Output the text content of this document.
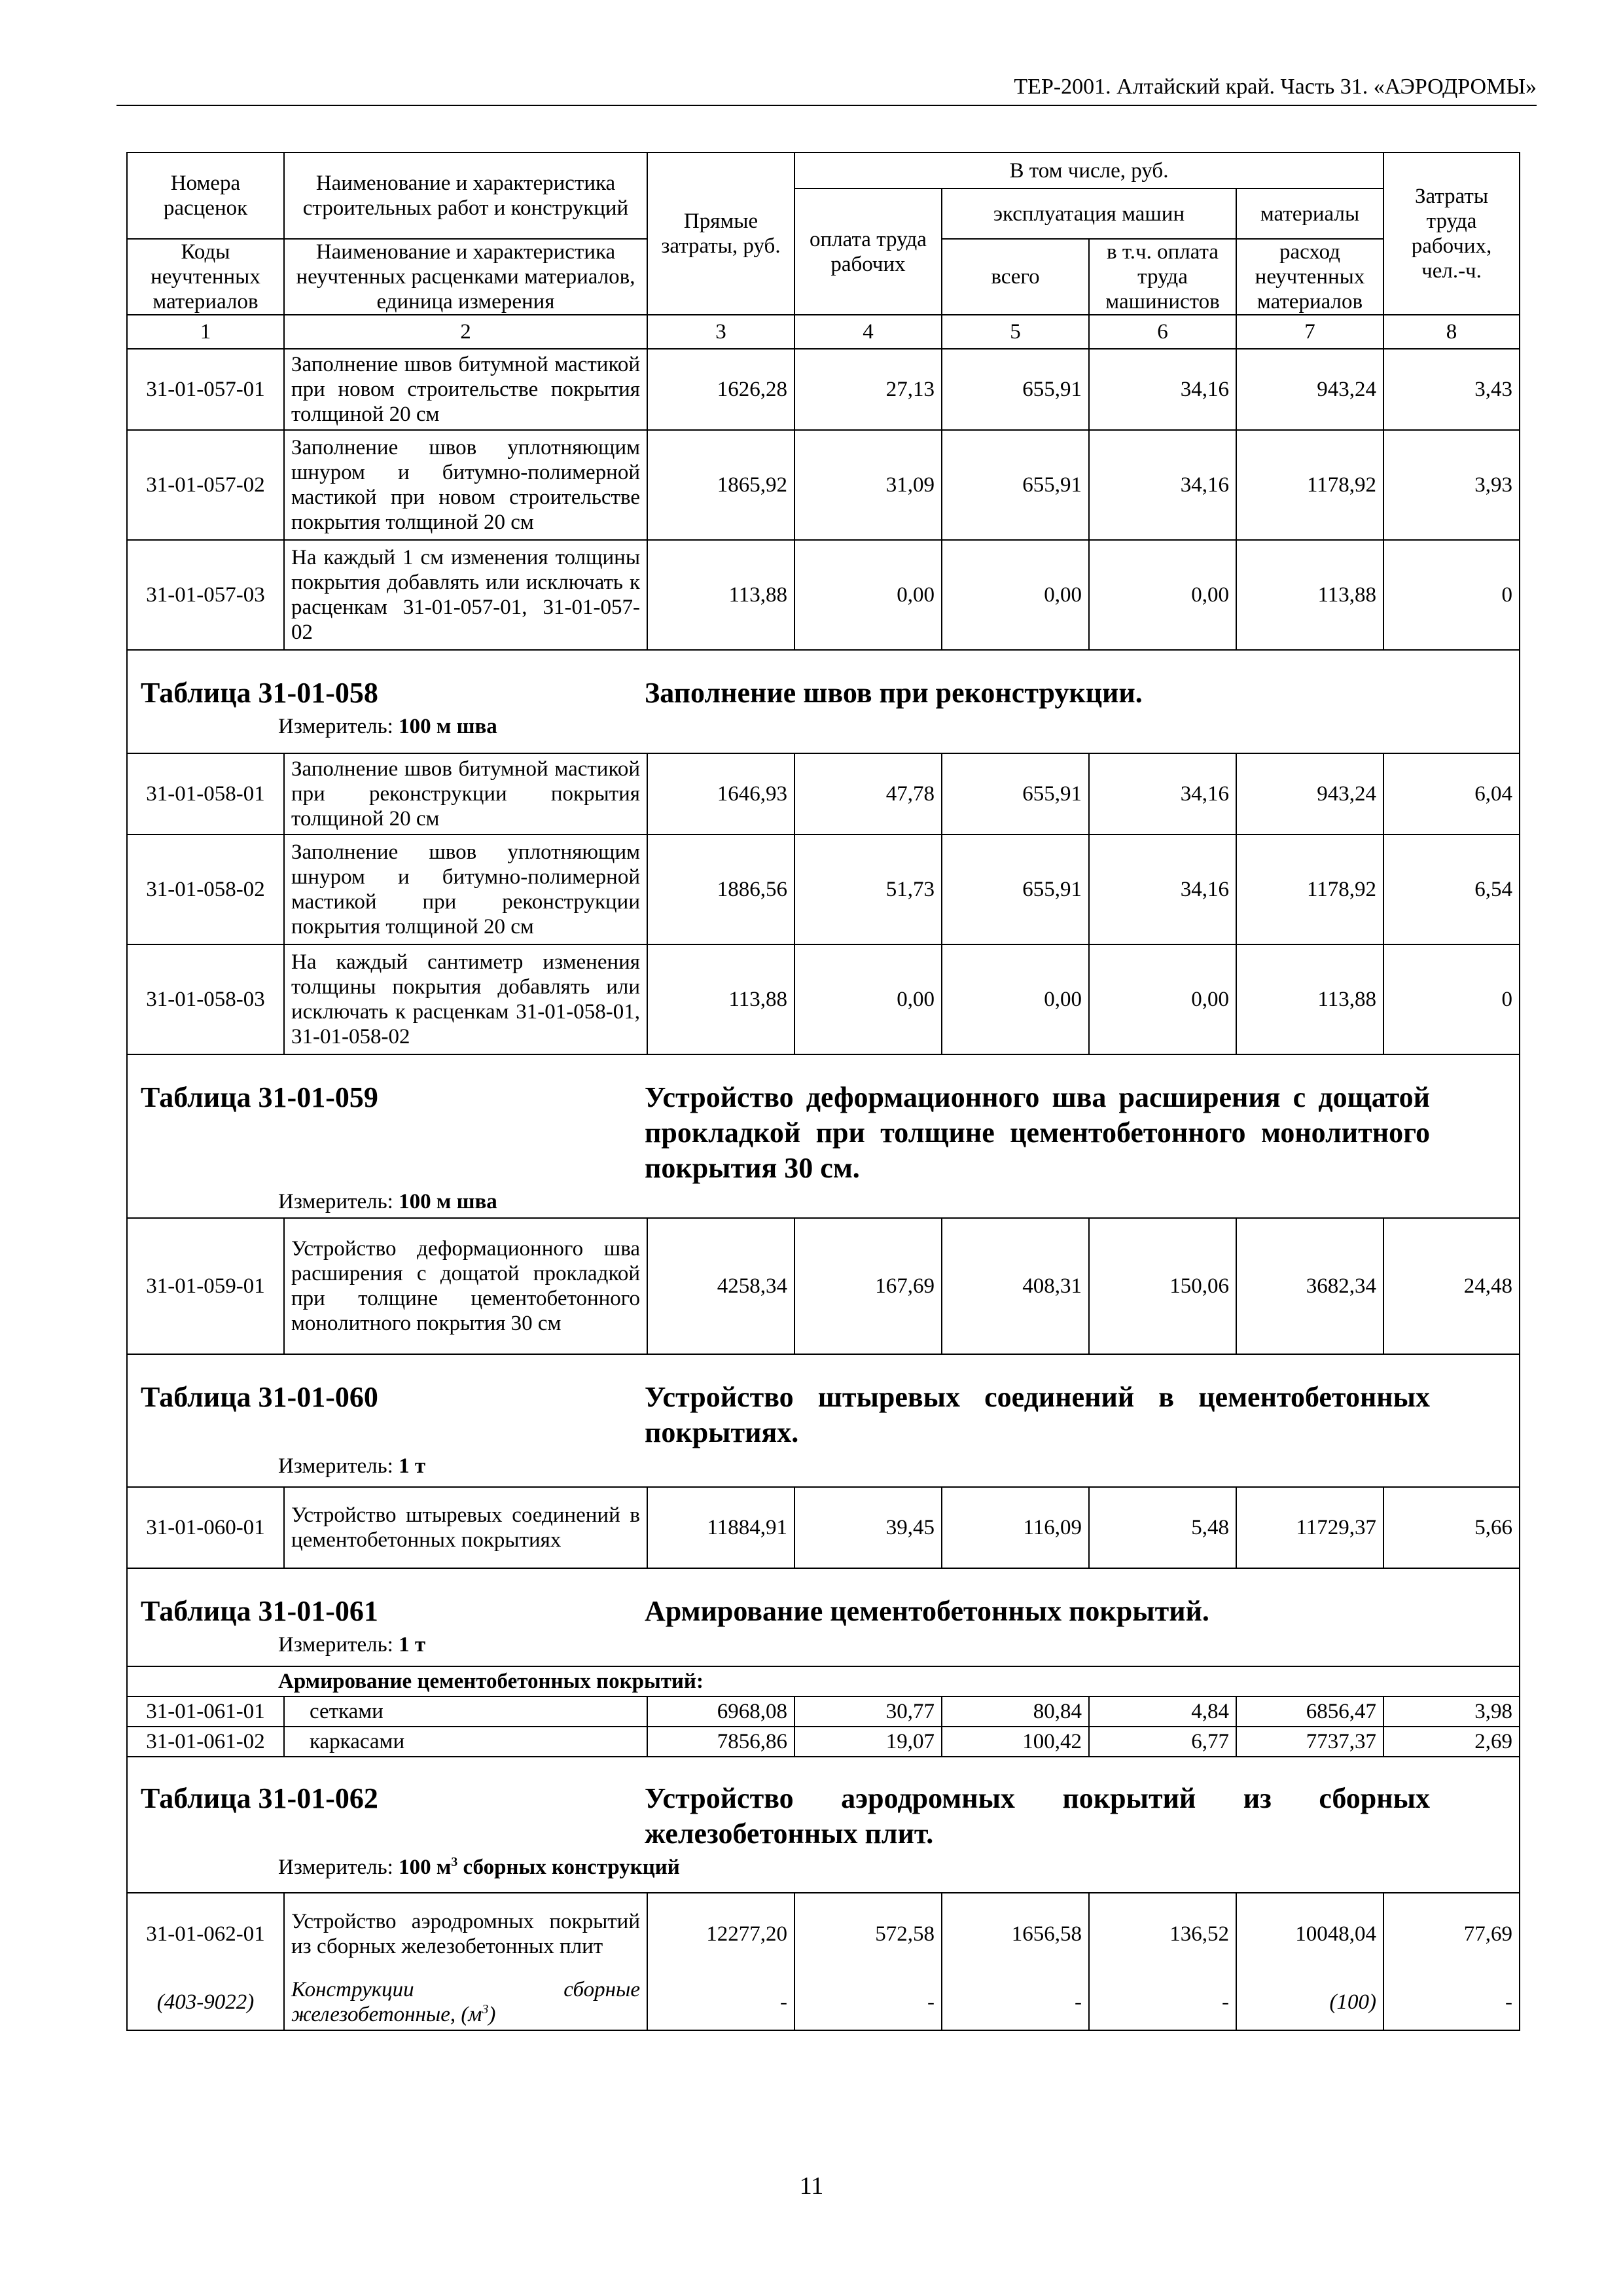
ТЕР-2001. Алтайский край. Часть 31. «АЭРОДРОМЫ»
Номера расценок	Наименование и характеристика строительных работ и конструкций	Прямые затраты, руб.	В том числе, руб.				Затраты труда рабочих, чел.-ч.
			оплата труда рабочих	эксплуатация машин		материалы	
Коды неучтенных материалов	Наименование и характеристика неучтенных расценками материалов, единица измерения			всего	в т.ч. оплата труда машинистов	расход неучтенных материалов	
1	2	3	4	5	6	7	8
31-01-057-01	Заполнение швов битумной мастикой при новом строительстве покрытия толщиной 20 см	1626,28	27,13	655,91	34,16	943,24	3,43
31-01-057-02	Заполнение швов уплотняющим шнуром и битумно-полимерной мастикой при новом строительстве покрытия толщиной 20 см	1865,92	31,09	655,91	34,16	1178,92	3,93
31-01-057-03	На каждый 1 см изменения толщины покрытия добавлять или исключать к расценкам 31-01-057-01, 31-01-057-02	113,88	0,00	0,00	0,00	113,88	0

Таблица 31-01-058 Заполнение швов при реконструкции.
Измеритель: 100 м шва							

31-01-058-01	Заполнение швов битумной мастикой при реконструкции покрытия толщиной 20 см	1646,93	47,78	655,91	34,16	943,24	6,04
31-01-058-02	Заполнение швов уплотняющим шнуром и битумно-полимерной мастикой при реконструкции покрытия толщиной 20 см	1886,56	51,73	655,91	34,16	1178,92	6,54
31-01-058-03	На каждый сантиметр изменения толщины покрытия добавлять или исключать к расценкам 31-01-058-01, 31-01-058-02	113,88	0,00	0,00	0,00	113,88	0

Таблица 31-01-059 Устройство деформационного шва расширения с дощатой прокладкой при толщине цементобетонного монолитного покрытия 30 см.
Измеритель: 100 м шва							

31-01-059-01	Устройство деформационного шва расширения с дощатой прокладкой при толщине цементобетонного монолитного покрытия 30 см	4258,34	167,69	408,31	150,06	3682,34	24,48

Таблица 31-01-060 Устройство штыревых соединений в цементобетонных покрытиях.
Измеритель: 1 т							

31-01-060-01	Устройство штыревых соединений в цементобетонных покрытиях	11884,91	39,45	116,09	5,48	11729,37	5,66

Таблица 31-01-061 Армирование цементобетонных покрытий.
Измеритель: 1 т							

Армирование цементобетонных покрытий:							
31-01-061-01	сетками	6968,08	30,77	80,84	4,84	6856,47	3,98
31-01-061-02	каркасами	7856,86	19,07	100,42	6,77	7737,37	2,69

Таблица 31-01-062 Устройство аэродромных покрытий из сборных железобетонных плит.
Измеритель: 100 $м^3$ сборных конструкций							

31-01-062-01	Устройство аэродромных покрытий из сборных железобетонных плит	12277,20	572,58	1656,58	136,52	10048,04	77,69
(403-9022)	Конструкции сборные железобетонные, $(м^3)$	-	-	-	-	(100)	-
11
